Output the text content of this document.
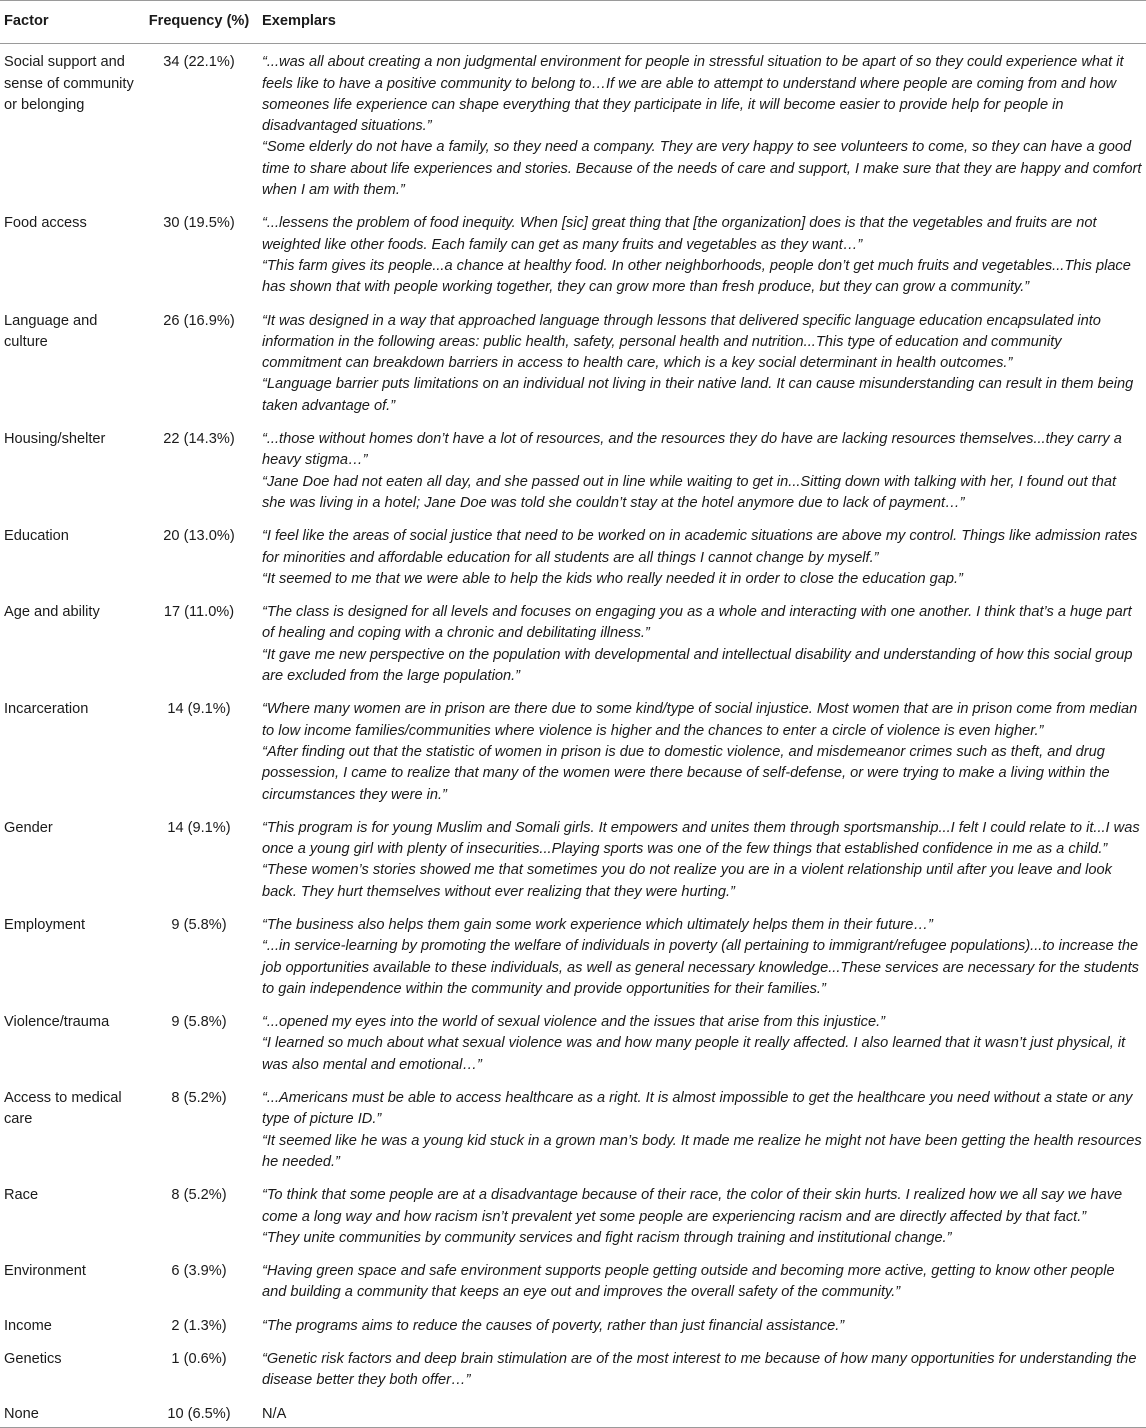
Factor	Frequency (%)	Exemplars
Social support and sense of community or belonging	34 (22.1%)	“...was all about creating a non judgmental environment for people in stressful situation to be apart of so they could experience what it feels like to have a positive community to belong to…If we are able to attempt to understand where people are coming from and how someones life experience can shape everything that they participate in life, it will become easier to provide help for people in disadvantaged situations.”
“Some elderly do not have a family, so they need a company. They are very happy to see volunteers to come, so they can have a good time to share about life experiences and stories. Because of the needs of care and support, I make sure that they are happy and comfort when I am with them.”

Food access	30 (19.5%)	“...lessens the problem of food inequity. When [sic] great thing that [the organization] does is that the vegetables and fruits are not weighted like other foods. Each family can get as many fruits and vegetables as they want…”
“This farm gives its people...a chance at healthy food. In other neighborhoods, people don’t get much fruits and vegetables...This place has shown that with people working together, they can grow more than fresh produce, but they can grow a community.”

Language and culture	26 (16.9%)	“It was designed in a way that approached language through lessons that delivered specific language education encapsulated into information in the following areas: public health, safety, personal health and nutrition...This type of education and community commitment can breakdown barriers in access to health care, which is a key social determinant in health outcomes.”
“Language barrier puts limitations on an individual not living in their native land. It can cause misunderstanding can result in them being taken advantage of.”

Housing/shelter	22 (14.3%)	“...those without homes don’t have a lot of resources, and the resources they do have are lacking resources themselves...they carry a heavy stigma…”
“Jane Doe had not eaten all day, and she passed out in line while waiting to get in...Sitting down with talking with her, I found out that she was living in a hotel; Jane Doe was told she couldn’t stay at the hotel anymore due to lack of payment…”

Education	20 (13.0%)	“I feel like the areas of social justice that need to be worked on in academic situations are above my control. Things like admission rates for minorities and affordable education for all students are all things I cannot change by myself.”
“It seemed to me that we were able to help the kids who really needed it in order to close the education gap.”

Age and ability	17 (11.0%)	“The class is designed for all levels and focuses on engaging you as a whole and interacting with one another. I think that’s a huge part of healing and coping with a chronic and debilitating illness.”
“It gave me new perspective on the population with developmental and intellectual disability and understanding of how this social group are excluded from the large population.”

Incarceration	14 (9.1%)	“Where many women are in prison are there due to some kind/type of social injustice. Most women that are in prison come from median to low income families/communities where violence is higher and the chances to enter a circle of violence is even higher.”
“After finding out that the statistic of women in prison is due to domestic violence, and misdemeanor crimes such as theft, and drug possession, I came to realize that many of the women were there because of self-defense, or were trying to make a living within the circumstances they were in.”

Gender	14 (9.1%)	“This program is for young Muslim and Somali girls. It empowers and unites them through sportsmanship...I felt I could relate to it...I was once a young girl with plenty of insecurities...Playing sports was one of the few things that established confidence in me as a child.”
“These women’s stories showed me that sometimes you do not realize you are in a violent relationship until after you leave and look back. They hurt themselves without ever realizing that they were hurting.”

Employment	9 (5.8%)	“The business also helps them gain some work experience which ultimately helps them in their future…”
“...in service-learning by promoting the welfare of individuals in poverty (all pertaining to immigrant/refugee populations)...to increase the job opportunities available to these individuals, as well as general necessary knowledge...These services are necessary for the students to gain independence within the community and provide opportunities for their families.”

Violence/trauma	9 (5.8%)	“...opened my eyes into the world of sexual violence and the issues that arise from this injustice.”
“I learned so much about what sexual violence was and how many people it really affected. I also learned that it wasn’t just physical, it was also mental and emotional…”

Access to medical care	8 (5.2%)	“...Americans must be able to access healthcare as a right. It is almost impossible to get the healthcare you need without a state or any type of picture ID.”
“It seemed like he was a young kid stuck in a grown man’s body. It made me realize he might not have been getting the health resources he needed.”

Race	8 (5.2%)	“To think that some people are at a disadvantage because of their race, the color of their skin hurts. I realized how we all say we have come a long way and how racism isn’t prevalent yet some people are experiencing racism and are directly affected by that fact.”
“They unite communities by community services and fight racism through training and institutional change.”

Environment	6 (3.9%)	“Having green space and safe environment supports people getting outside and becoming more active, getting to know other people and building a community that keeps an eye out and improves the overall safety of the community.”

Income	2 (1.3%)	“The programs aims to reduce the causes of poverty, rather than just financial assistance.”

Genetics	1 (0.6%)	“Genetic risk factors and deep brain stimulation are of the most interest to me because of how many opportunities for understanding the disease better they both offer…”

None	10 (6.5%)	N/A
